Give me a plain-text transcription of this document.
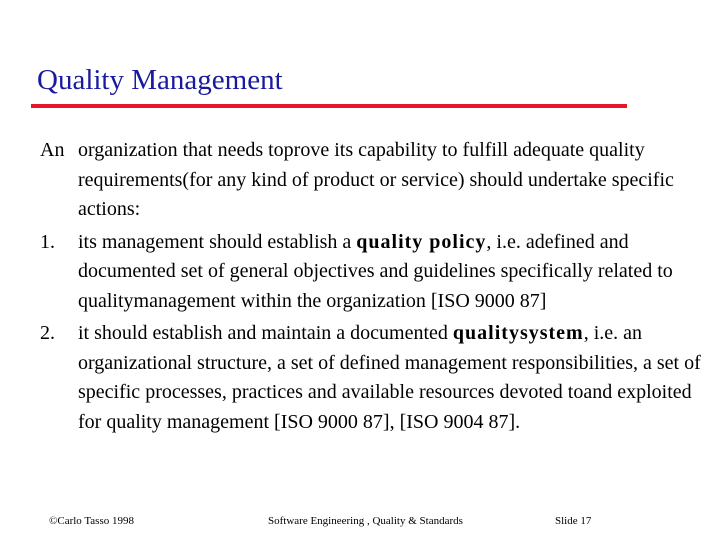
Quality Management
An organization that needs toprove its capability to fulfill adequate quality requirements(for any kind of product or service) should undertake specific actions:
1. its management should establish a quality policy, i.e. adefined and documented set of general objectives and guidelines specifically related to qualitymanagement within the organization [ISO 9000 87]
2. it should establish and maintain a documented qualitysystem, i.e. an organizational structure, a set of defined management responsibilities, a set of specific processes, practices and available resources devoted toand exploited for quality management [ISO 9000 87], [ISO 9004 87].
©Carlo Tasso 1998	Software Engineering , Quality & Standards	Slide 17
